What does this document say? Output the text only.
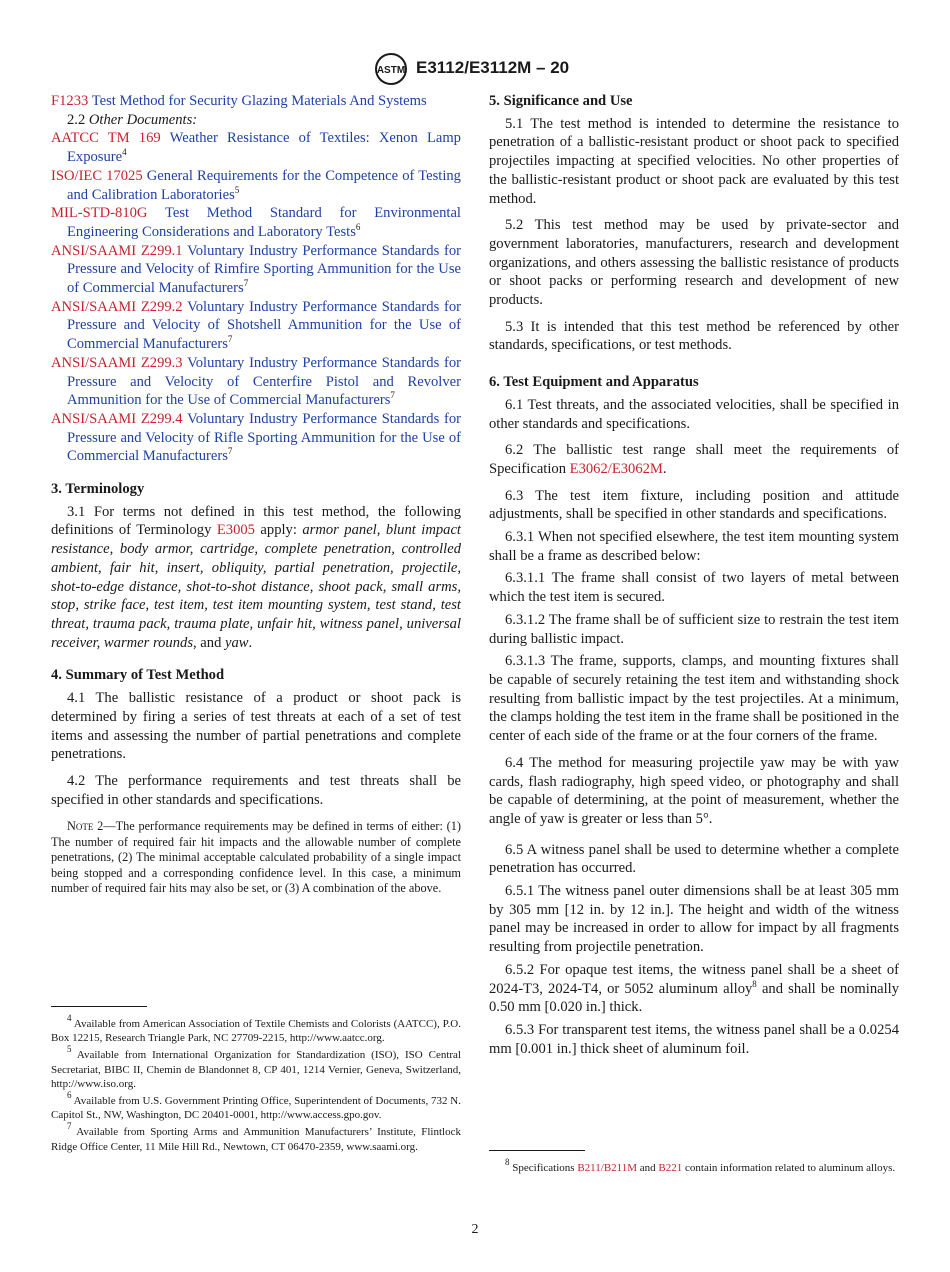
ASTM E3112/E3112M – 20

F1233 Test Method for Security Glazing Materials And Systems

2.2 Other Documents:

AATCC TM 169 Weather Resistance of Textiles: Xenon Lamp Exposure$^4$

ISO/IEC 17025 General Requirements for the Competence of Testing and Calibration Laboratories$^5$

MIL-STD-810G Test Method Standard for Environmental Engineering Considerations and Laboratory Tests$^6$

ANSI/SAAMI Z299.1 Voluntary Industry Performance Standards for Pressure and Velocity of Rimfire Sporting Ammunition for the Use of Commercial Manufacturers$^7$

ANSI/SAAMI Z299.2 Voluntary Industry Performance Standards for Pressure and Velocity of Shotshell Ammunition for the Use of Commercial Manufacturers$^7$

ANSI/SAAMI Z299.3 Voluntary Industry Performance Standards for Pressure and Velocity of Centerfire Pistol and Revolver Ammunition for the Use of Commercial Manufacturers$^7$

ANSI/SAAMI Z299.4 Voluntary Industry Performance Standards for Pressure and Velocity of Rifle Sporting Ammunition for the Use of Commercial Manufacturers$^7$

3. Terminology

3.1 For terms not defined in this test method, the following definitions of Terminology E3005 apply: armor panel, blunt impact resistance, body armor, cartridge, complete penetration, controlled ambient, fair hit, insert, obliquity, partial penetration, projectile, shot-to-edge distance, shot-to-shot distance, shoot pack, small arms, stop, strike face, test item, test item mounting system, test stand, test threat, trauma pack, trauma plate, unfair hit, witness panel, universal receiver, warmer rounds, and yaw.

4. Summary of Test Method

4.1 The ballistic resistance of a product or shoot pack is determined by firing a series of test threats at each of a set of test items and assessing the number of partial penetrations and complete penetrations.

4.2 The performance requirements and test threats shall be specified in other standards and specifications.

Note 2—The performance requirements may be defined in terms of either: (1) The number of required fair hit impacts and the allowable number of complete penetrations, (2) The minimal acceptable calculated probability of a single impact being stopped and a corresponding confidence level. In this case, a minimum number of required fair hits may also be set, or (3) A combination of the above.

$^4$ Available from American Association of Textile Chemists and Colorists (AATCC), P.O. Box 12215, Research Triangle Park, NC 27709-2215, http://www.aatcc.org.

$^5$ Available from International Organization for Standardization (ISO), ISO Central Secretariat, BIBC II, Chemin de Blandonnet 8, CP 401, 1214 Vernier, Geneva, Switzerland, http://www.iso.org.

$^6$ Available from U.S. Government Printing Office, Superintendent of Documents, 732 N. Capitol St., NW, Washington, DC 20401-0001, http://www.access.gpo.gov.

$^7$ Available from Sporting Arms and Ammunition Manufacturers’ Institute, Flintlock Ridge Office Center, 11 Mile Hill Rd., Newtown, CT 06470-2359, www.saami.org.

5. Significance and Use

5.1 The test method is intended to determine the resistance to penetration of a ballistic-resistant product or shoot pack to specified projectiles impacting at specified velocities. No other properties of the ballistic-resistant product or shoot pack are evaluated by this test method.

5.2 This test method may be used by private-sector and government laboratories, manufacturers, research and development organizations, and others assessing the ballistic resistance of products or shoot packs or performing research and development of new products.

5.3 It is intended that this test method be referenced by other standards, specifications, or test methods.

6. Test Equipment and Apparatus

6.1 Test threats, and the associated velocities, shall be specified in other standards and specifications.

6.2 The ballistic test range shall meet the requirements of Specification E3062/E3062M.

6.3 The test item fixture, including position and attitude adjustments, shall be specified in other standards and specifications.

6.3.1 When not specified elsewhere, the test item mounting system shall be a frame as described below:

6.3.1.1 The frame shall consist of two layers of metal between which the test item is secured.

6.3.1.2 The frame shall be of sufficient size to restrain the test item during ballistic impact.

6.3.1.3 The frame, supports, clamps, and mounting fixtures shall be capable of securely retaining the test item and withstanding shock resulting from ballistic impact by the test projectiles. At a minimum, the clamps holding the test item in the frame shall be positioned in the center of each side of the frame or at the four corners of the frame.

6.4 The method for measuring projectile yaw may be with yaw cards, flash radiography, high speed video, or photography and shall be capable of determining, at the point of measurement, whether the angle of yaw is greater or less than 5°.

6.5 A witness panel shall be used to determine whether a complete penetration has occurred.

6.5.1 The witness panel outer dimensions shall be at least 305 mm by 305 mm [12 in. by 12 in.]. The height and width of the witness panel may be increased in order to allow for impact by all fragments resulting from projectile penetration.

6.5.2 For opaque test items, the witness panel shall be a sheet of 2024-T3, 2024-T4, or 5052 aluminum alloy$^8$ and shall be nominally 0.50 mm [0.020 in.] thick.

6.5.3 For transparent test items, the witness panel shall be a 0.0254 mm [0.001 in.] thick sheet of aluminum foil.

$^8$ Specifications B211/B211M and B221 contain information related to aluminum alloys.

2
